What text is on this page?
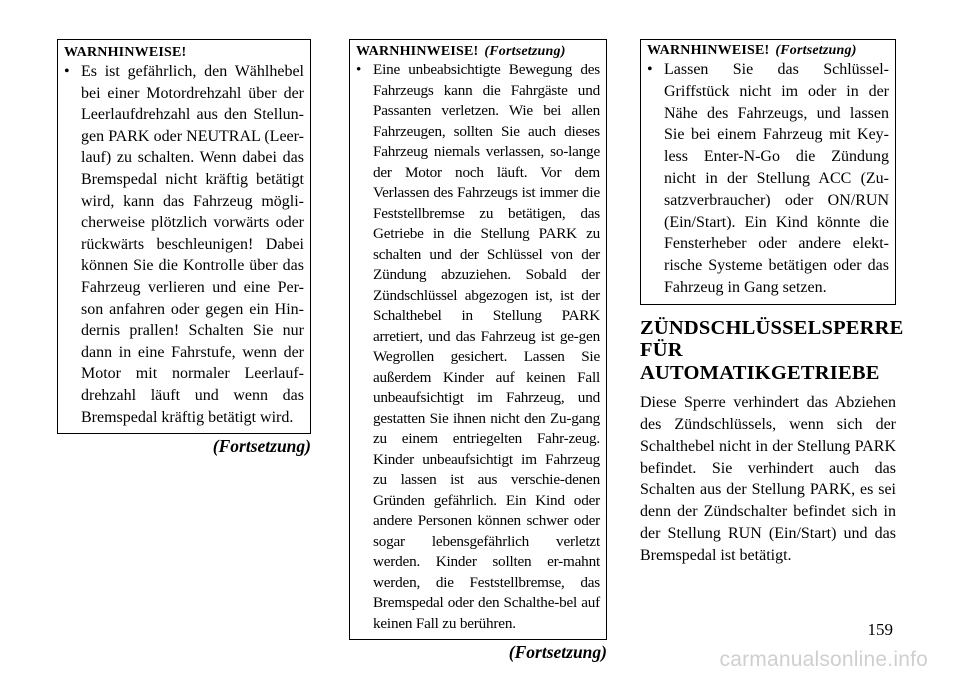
WARNHINWEISE!

• Es ist gefährlich, den Wählhebel bei einer Motordrehzahl über der Leerlaufdrehzahl aus den Stellun-gen PARK oder NEUTRAL (Leer-lauf) zu schalten. Wenn dabei das Bremspedal nicht kräftig betätigt wird, kann das Fahrzeug mögli-cherweise plötzlich vorwärts oder rückwärts beschleunigen! Dabei können Sie die Kontrolle über das Fahrzeug verlieren und eine Per-son anfahren oder gegen ein Hin-dernis prallen! Schalten Sie nur dann in eine Fahrstufe, wenn der Motor mit normaler Leerlauf-drehzahl läuft und wenn das Bremspedal kräftig betätigt wird.

(Fortsetzung)

WARNHINWEISE! (Fortsetzung)

• Eine unbeabsichtigte Bewegung des Fahrzeugs kann die Fahrgäste und Passanten verletzen. Wie bei allen Fahrzeugen, sollten Sie auch dieses Fahrzeug niemals verlassen, so-lange der Motor noch läuft. Vor dem Verlassen des Fahrzeugs ist immer die Feststellbremse zu betätigen, das Getriebe in die Stellung PARK zu schalten und der Schlüssel von der Zündung abzuziehen. Sobald der Zündschlüssel abgezogen ist, ist der Schalthebel in Stellung PARK arretiert, und das Fahrzeug ist ge-gen Wegrollen gesichert. Lassen Sie außerdem Kinder auf keinen Fall unbeaufsichtigt im Fahrzeug, und gestatten Sie ihnen nicht den Zu-gang zu einem entriegelten Fahr-zeug. Kinder unbeaufsichtigt im Fahrzeug zu lassen ist aus verschie-denen Gründen gefährlich. Ein Kind oder andere Personen können schwer oder sogar lebensgefährlich verletzt werden. Kinder sollten er-mahnt werden, die Feststellbremse, das Bremspedal oder den Schalthe-bel auf keinen Fall zu berühren.

(Fortsetzung)

WARNHINWEISE! (Fortsetzung)

• Lassen Sie das Schlüssel-Griffstück nicht im oder in der Nähe des Fahrzeugs, und lassen Sie bei einem Fahrzeug mit Key-less Enter-N-Go die Zündung nicht in der Stellung ACC (Zu-satzverbraucher) oder ON/RUN (Ein/Start). Ein Kind könnte die Fensterheber oder andere elekt-rische Systeme betätigen oder das Fahrzeug in Gang setzen.

ZÜNDSCHLÜSSELSPERRE FÜR AUTOMATIKGETRIEBE

Diese Sperre verhindert das Abziehen des Zündschlüssels, wenn sich der Schalthebel nicht in der Stellung PARK befindet. Sie verhindert auch das Schalten aus der Stellung PARK, es sei denn der Zündschalter befindet sich in der Stellung RUN (Ein/Start) und das Bremspedal ist betätigt.

159
carmanualsonline.info
